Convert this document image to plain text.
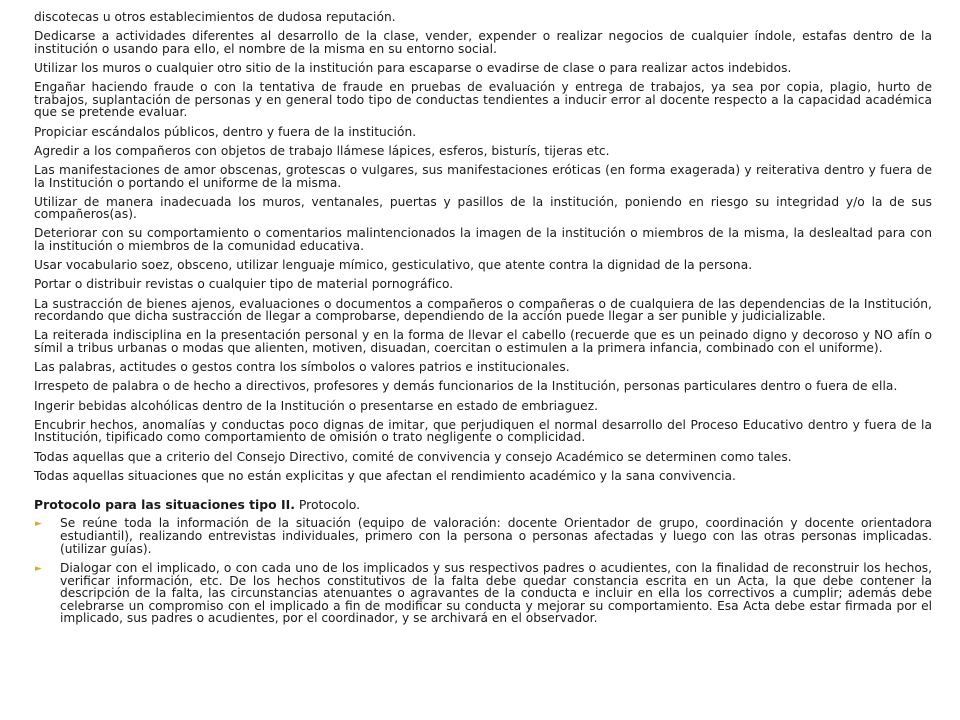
discotecas u otros establecimientos de dudosa reputación.

Dedicarse a actividades diferentes al desarrollo de la clase, vender, expender o realizar negocios de cualquier índole, estafas dentro de la institución o usando para ello, el nombre de la misma en su entorno social.

Utilizar los muros o cualquier otro sitio de la institución para escaparse o evadirse de clase o para realizar actos indebidos.

Engañar haciendo fraude o con la tentativa de fraude en pruebas de evaluación y entrega de trabajos, ya sea por copia, plagio, hurto de trabajos, suplantación de personas y en general todo tipo de conductas tendientes a inducir error al docente respecto a la capacidad académica que se pretende evaluar.

Propiciar escándalos públicos, dentro y fuera de la institución.

Agredir a los compañeros con objetos de trabajo llámese lápices, esferos, bisturís, tijeras etc.

Las manifestaciones de amor obscenas, grotescas o vulgares, sus manifestaciones eróticas (en forma exagerada) y reiterativa dentro y fuera de la Institución o portando el uniforme de la misma.

Utilizar de manera inadecuada los muros, ventanales, puertas y pasillos de la institución, poniendo en riesgo su integridad y/o la de sus compañeros(as).

Deteriorar con su comportamiento o comentarios malintencionados la imagen de la institución o miembros de la misma, la deslealtad para con la institución o miembros de la comunidad educativa.

Usar vocabulario soez, obsceno, utilizar lenguaje mímico, gesticulativo, que atente contra la dignidad de la persona.

Portar o distribuir revistas o cualquier tipo de material pornográfico.

La sustracción de bienes ajenos, evaluaciones o documentos a compañeros o compañeras o de cualquiera de las dependencias de la Institución, recordando que dicha sustracción de llegar a comprobarse, dependiendo de la acción puede llegar a ser punible y judicializable.

La reiterada indisciplina en la presentación personal y en la forma de llevar el cabello (recuerde que es un peinado digno y decoroso y NO afín o símil a tribus urbanas o modas que alienten, motiven, disuadan, coercitan o estimulen a la primera infancia, combinado con el uniforme).

Las palabras, actitudes o gestos contra los símbolos o valores patrios e institucionales.

Irrespeto de palabra o de hecho a directivos, profesores y demás funcionarios de la Institución, personas particulares dentro o fuera de ella.

Ingerir bebidas alcohólicas dentro de la Institución o presentarse en estado de embriaguez.

Encubrir hechos, anomalías y conductas poco dignas de imitar, que perjudiquen el normal desarrollo del Proceso Educativo dentro y fuera de la Institución, tipificado como comportamiento de omisión o trato negligente o complicidad.

Todas aquellas que a criterio del Consejo Directivo, comité de convivencia y consejo Académico se determinen como tales.

Todas aquellas situaciones que no están explicitas y que afectan el rendimiento académico y la sana convivencia.

Protocolo para las situaciones tipo II. Protocolo.

► Se reúne toda la información de la situación (equipo de valoración: docente Orientador de grupo, coordinación y docente orientadora estudiantil), realizando entrevistas individuales, primero con la persona o personas afectadas y luego con las otras personas implicadas. (utilizar guías).
► Dialogar con el implicado, o con cada uno de los implicados y sus respectivos padres o acudientes, con la finalidad de reconstruir los hechos, verificar información, etc. De los hechos constitutivos de la falta debe quedar constancia escrita en un Acta, la que debe contener la descripción de la falta, las circunstancias atenuantes o agravantes de la conducta e incluir en ella los correctivos a cumplir; además debe celebrarse un compromiso con el implicado a fin de modificar su conducta y mejorar su comportamiento. Esa Acta debe estar firmada por el implicado, sus padres o acudientes, por el coordinador, y se archivará en el observador.
